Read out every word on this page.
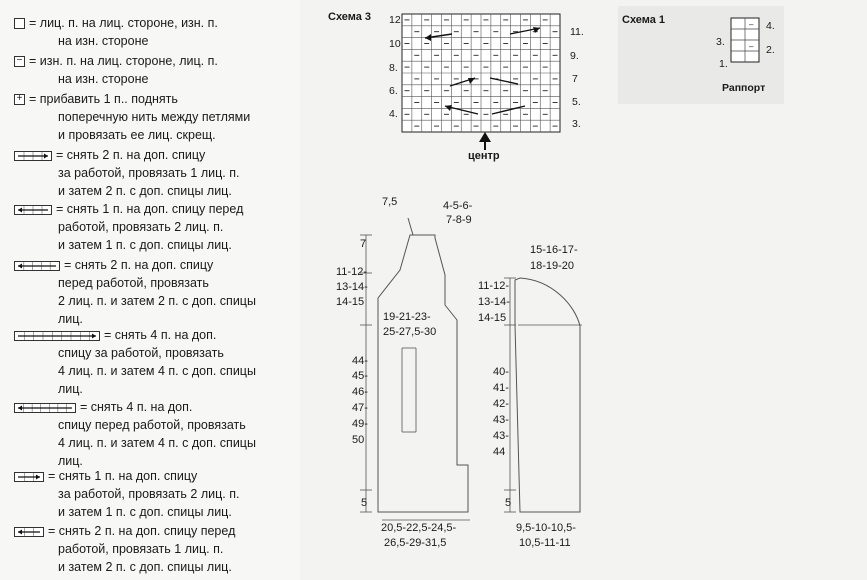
= лиц. п. на лиц. стороне, изн. п.
на изн. стороне
− = изн. п. на лиц. стороне, лиц. п.
на изн. стороне
+ = прибавить 1 п.. поднять
поперечную нить между петлями
и провязать ее лиц. скрещ.
= снять 2 п. на доп. спицу
за работой, провязать 1 лиц. п.
и затем 2 п. с доп. спицы лиц.
= снять 1 п. на доп. спицу перед
работой, провязать 2 лиц. п.
и затем 1 п. с доп. спицы лиц.
= снять 2 п. на доп. спицу
перед работой, провязать
2 лиц. п. и затем 2 п. с доп. спицы
лиц.
= снять 4 п. на доп.
спицу за работой, провязать
4 лиц. п. и затем 4 п. с доп. спицы
лиц.
= снять 4 п. на доп.
спицу перед работой, провязать
4 лиц. п. и затем 4 п. с доп. спицы
лиц.
= снять 1 п. на доп. спицу
за работой, провязать 2 лиц. п.
и затем 1 п. с доп. спицы лиц.
= снять 2 п. на доп. спицу перед
работой, провязать 1 лиц. п.
и затем 2 п. с доп. спицы лиц.
Схема 3 12.
10.
8.
6.
4.
11.
9.
7
5.
3.
центр
Схема 1	–
–
4.
2.
3.
1.
Раппорт
7,5	4-5-6-
7-8-9
7
11-12-
13-14-
14-15
19-21-23-
25-27,5-30
44-
45-
46-
47-
49-
50
5
20,5-22,5-24,5-
26,5-29-31,5
15-16-17-
18-19-20
11-12-
13-14-
14-15
40-
41-
42-
43-
43-
44
5
9,5-10-10,5-
10,5-11-11
